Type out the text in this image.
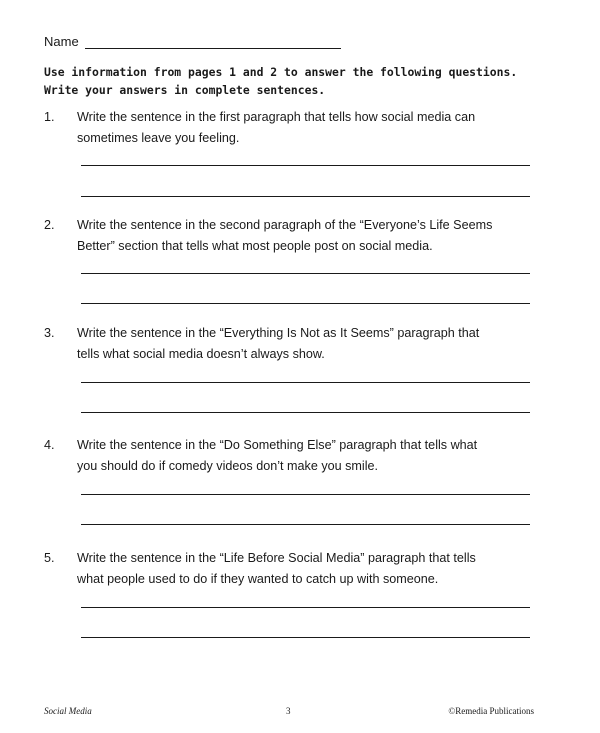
Name
Use information from pages 1 and 2 to answer the following questions.
Write your answers in complete sentences.
1.	Write the sentence in the first paragraph that tells how social media can
sometimes leave you feeling.
2.	Write the sentence in the second paragraph of the “Everyone’s Life Seems
Better” section that tells what most people post on social media.
3.	Write the sentence in the “Everything Is Not as It Seems” paragraph that
tells what social media doesn’t always show.
4.	Write the sentence in the “Do Something Else” paragraph that tells what
you should do if comedy videos don’t make you smile.
5.	Write the sentence in the “Life Before Social Media” paragraph that tells
what people used to do if they wanted to catch up with someone.
Social Media	3	©Remedia Publications
